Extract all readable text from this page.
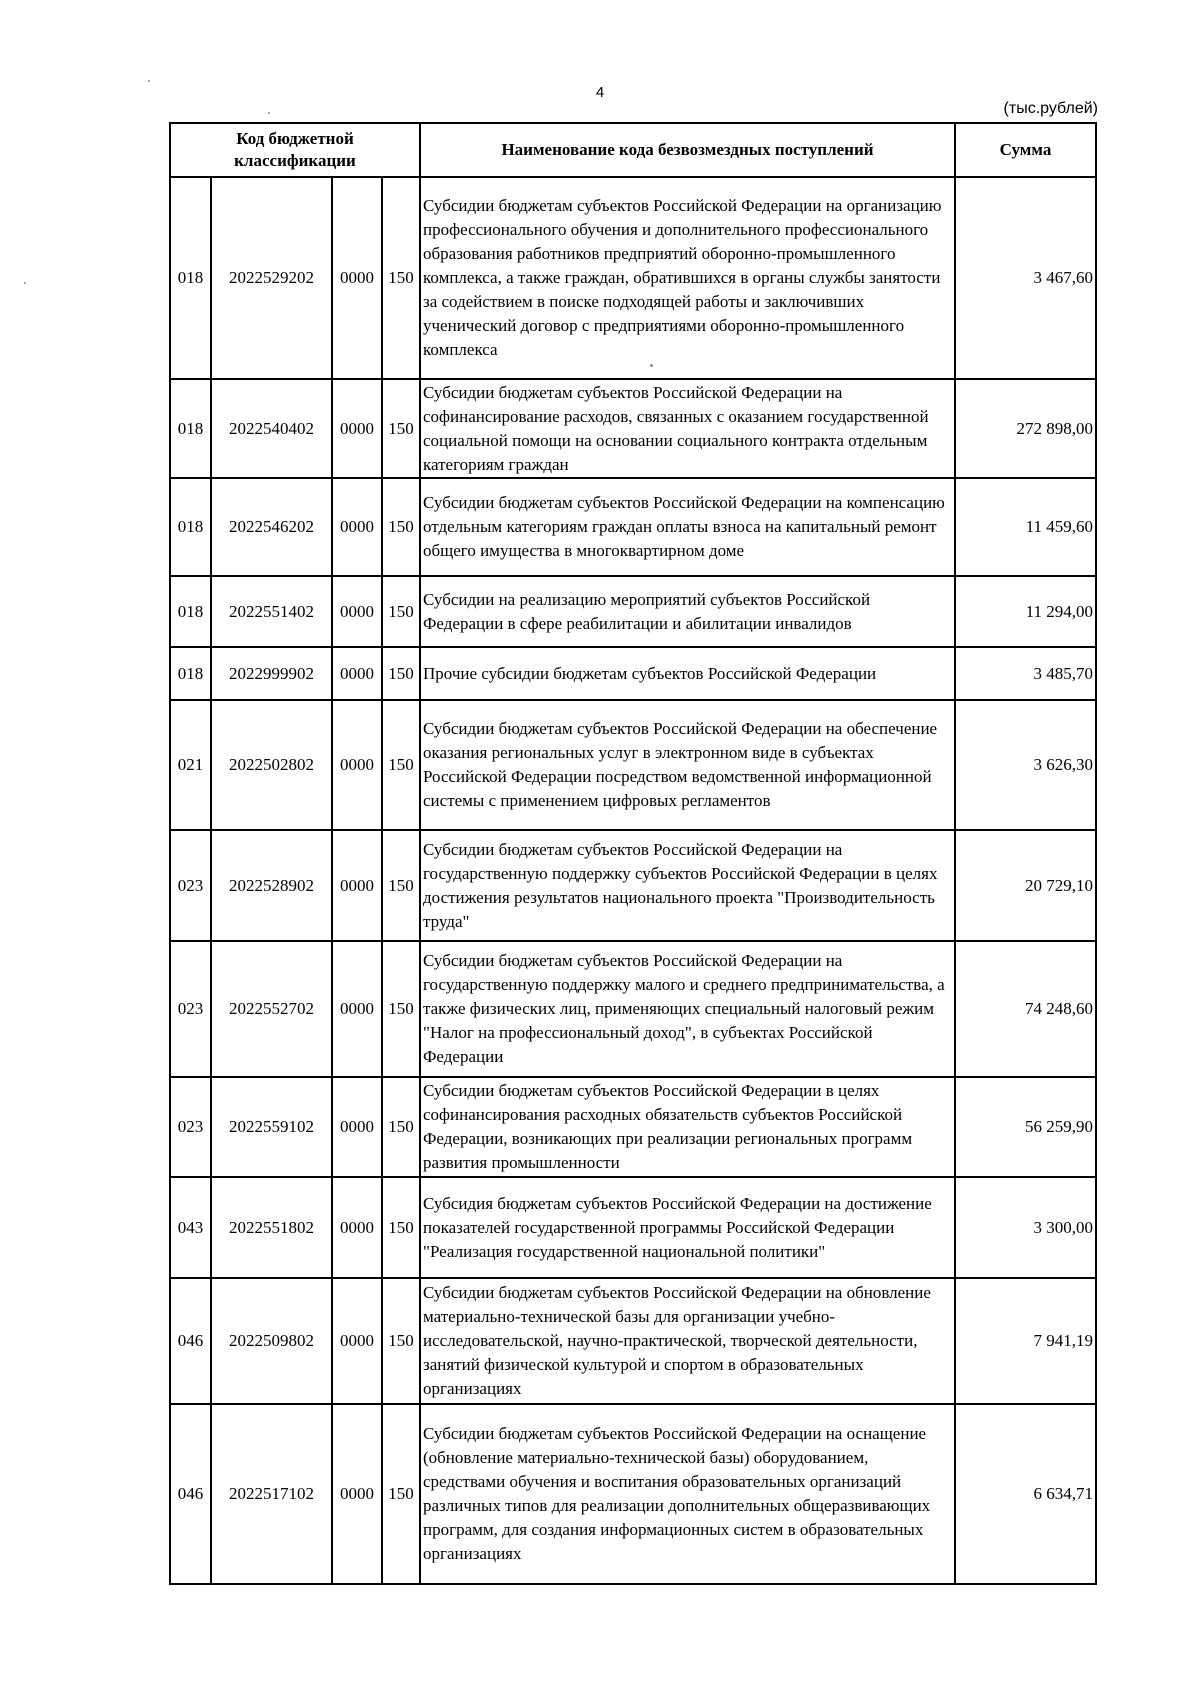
4
(тыс.рублей)
Код бюджетной классификации				Наименование кода безвозмездных поступлений	Сумма
018	2022529202	0000	150	Субсидии бюджетам субъектов Российской Федерации на организацию профессионального обучения и дополнительного профессионального образования работников предприятий оборонно-промышленного комплекса, а также граждан, обратившихся в органы службы занятости за содействием в поиске подходящей работы и заключивших ученический договор с предприятиями оборонно-промышленного комплекса	3 467,60
018	2022540402	0000	150	Субсидии бюджетам субъектов Российской Федерации на софинансирование расходов, связанных с оказанием государственной социальной помощи на основании социального контракта отдельным категориям граждан	272 898,00
018	2022546202	0000	150	Субсидии бюджетам субъектов Российской Федерации на компенсацию отдельным категориям граждан оплаты взноса на капитальный ремонт общего имущества в многоквартирном доме	11 459,60
018	2022551402	0000	150	Субсидии на реализацию мероприятий субъектов Российской Федерации в сфере реабилитации и абилитации инвалидов	11 294,00
018	2022999902	0000	150	Прочие субсидии бюджетам субъектов Российской Федерации	3 485,70
021	2022502802	0000	150	Субсидии бюджетам субъектов Российской Федерации на обеспечение оказания региональных услуг в электронном виде в субъектах Российской Федерации посредством ведомственной информационной системы с применением цифровых регламентов	3 626,30
023	2022528902	0000	150	Субсидии бюджетам субъектов Российской Федерации на государственную поддержку субъектов Российской Федерации в целях достижения результатов национального проекта "Производительность труда"	20 729,10
023	2022552702	0000	150	Субсидии бюджетам субъектов Российской Федерации на государственную поддержку малого и среднего предпринимательства, а также физических лиц, применяющих специальный налоговый режим "Налог на профессиональный доход", в субъектах Российской Федерации	74 248,60
023	2022559102	0000	150	Субсидии бюджетам субъектов Российской Федерации в целях софинансирования расходных обязательств субъектов Российской Федерации, возникающих при реализации региональных программ развития промышленности	56 259,90
043	2022551802	0000	150	Субсидия бюджетам субъектов Российской Федерации на достижение показателей государственной программы Российской Федерации "Реализация государственной национальной политики"	3 300,00
046	2022509802	0000	150	Субсидии бюджетам субъектов Российской Федерации на обновление материально-технической базы для организации учебно-исследовательской, научно-практической, творческой деятельности, занятий физической культурой и спортом в образовательных организациях	7 941,19
046	2022517102	0000	150	Субсидии бюджетам субъектов Российской Федерации на оснащение (обновление материально-технической базы) оборудованием, средствами обучения и воспитания образовательных организаций различных типов для реализации дополнительных общеразвивающих программ, для создания информационных систем в образовательных организациях	6 634,71
